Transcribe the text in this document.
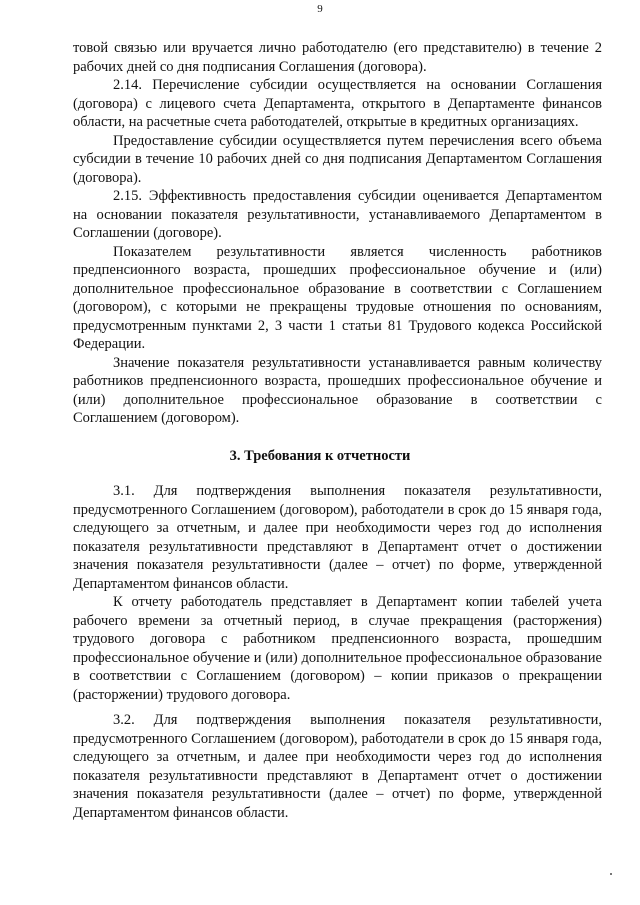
9

товой связью или вручается лично работодателю (его представителю) в течение 2 рабочих дней со дня подписания Соглашения (договора).

2.14. Перечисление субсидии осуществляется на основании Соглашения (договора) с лицевого счета Департамента, открытого в Департаменте финансов области, на расчетные счета работодателей, открытые в кредитных организациях.

Предоставление субсидии осуществляется путем перечисления всего объема субсидии в течение 10 рабочих дней со дня подписания Департаментом Соглашения (договора).

2.15. Эффективность предоставления субсидии оценивается Департаментом на основании показателя результативности, устанавливаемого Департаментом в Соглашении (договоре).

Показателем результативности является численность работников предпенсионного возраста, прошедших профессиональное обучение и (или) дополнительное профессиональное образование в соответствии с Соглашением (договором), с которыми не прекращены трудовые отношения по основаниям, предусмотренным пунктами 2, 3 части 1 статьи 81 Трудового кодекса Российской Федерации.

Значение показателя результативности устанавливается равным количеству работников предпенсионного возраста, прошедших профессиональное обучение и (или) дополнительное профессиональное образование в соответствии с Соглашением (договором).

3. Требования к отчетности

3.1. Для подтверждения выполнения показателя результативности, предусмотренного Соглашением (договором), работодатели в срок до 15 января года, следующего за отчетным, и далее при необходимости через год до исполнения показателя результативности представляют в Департамент отчет о достижении значения показателя результативности (далее – отчет) по форме, утвержденной Департаментом финансов области.

К отчету работодатель представляет в Департамент копии табелей учета рабочего времени за отчетный период, в случае прекращения (расторжения) трудового договора с работником предпенсионного возраста, прошедшим профессиональное обучение и (или) дополнительное профессиональное образование в соответствии с Соглашением (договором) – копии приказов о прекращении (расторжении) трудового договора.

3.2. Для подтверждения выполнения показателя результативности, предусмотренного Соглашением (договором), работодатели в срок до 15 января года, следующего за отчетным, и далее при необходимости через год до исполнения показателя результативности представляют в Департамент отчет о достижении значения показателя результативности (далее – отчет) по форме, утвержденной Департаментом финансов области.
